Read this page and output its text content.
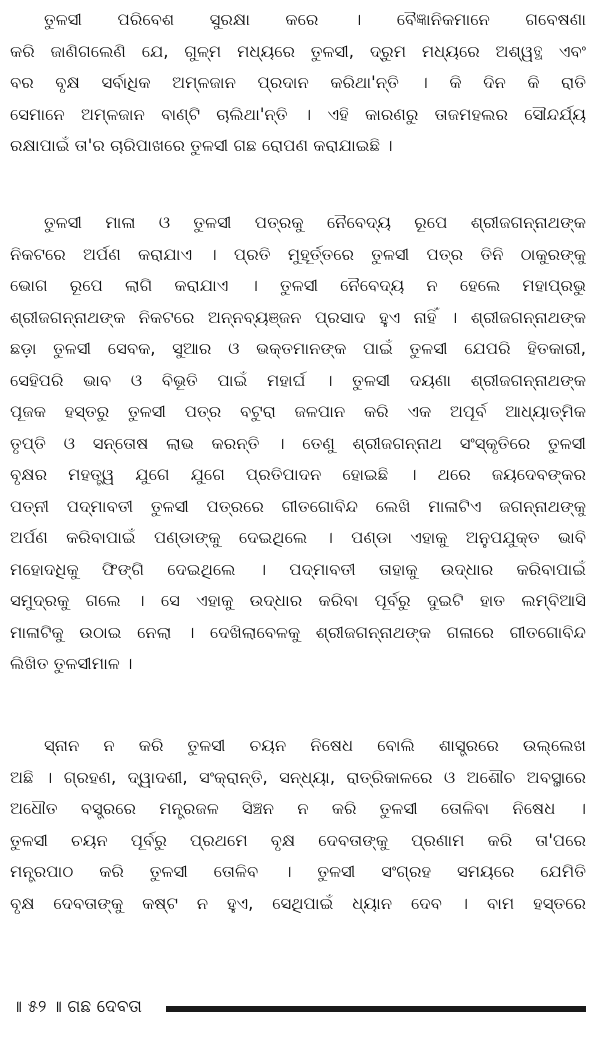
ତୁଳସୀ ପରିବେଶ ସୁରକ୍ଷା କରେ । ବୈଜ୍ଞାନିକମାନେ ଗବେଷଣା
କରି ଜାଣିଗଲେଣି ଯେ, ଗୁଳ୍ମ ମଧ୍ୟରେ ତୁଳସୀ, ଦ୍ରୁମ ମଧ୍ୟରେ ଅଶ୍ୱତ୍ଥ ଏବଂ
ବର ବୃକ୍ଷ ସର୍ବାଧିକ ଅମ୍ଳଜାନ ପ୍ରଦାନ କରିଥା'ନ୍ତି । କି ଦିନ କି ରାତି
ସେମାନେ ଅମ୍ଳଜାନ ବାଣ୍ଟି ଚାଲିଥା'ନ୍ତି । ଏହି କାରଣରୁ ତାଜମହଲର ସୌନ୍ଦର୍ଯ୍ୟ
ରକ୍ଷାପାଇଁ ତା'ର ଚାରିପାଖରେ ତୁଳସୀ ଗଛ ରୋପଣ କରାଯାଇଛି ।
ତୁଳସୀ ମାଳା ଓ ତୁଳସୀ ପତ୍ରକୁ ନୈବେଦ୍ୟ ରୂପେ ଶ୍ରୀଜଗନ୍ନାଥଙ୍କ
ନିକଟରେ ଅର୍ପଣ କରାଯାଏ । ପ୍ରତି ମୁହୂର୍ତ୍ତରେ ତୁଳସୀ ପତ୍ର ତିନି ଠାକୁରଙ୍କୁ
ଭୋଗ ରୂପେ ଲାଗି କରାଯାଏ । ତୁଳସୀ ନୈବେଦ୍ୟ ନ ହେଲେ ମହାପ୍ରଭୁ
ଶ୍ରୀଜଗନ୍ନାଥଙ୍କ ନିକଟରେ ଅନ୍ନବ୍ୟଞ୍ଜନ ପ୍ରସାଦ ହୁଏ ନାହିଁ । ଶ୍ରୀଜଗନ୍ନାଥଙ୍କ
ଛଡ଼ା ତୁଳସୀ ସେବକ, ସୁଆର ଓ ଭକ୍ତମାନଙ୍କ ପାଇଁ ତୁଳସୀ ଯେପରି ହିତକାରୀ,
ସେହିପରି ଭାବ ଓ ବିଭୂତି ପାଇଁ ମହାର୍ଘ । ତୁଳସୀ ଦୟଣା ଶ୍ରୀଜଗନ୍ନାଥଙ୍କ
ପୂଜକ ହସ୍ତରୁ ତୁଳସୀ ପତ୍ର ବଟୁରା ଜଳପାନ କରି ଏକ ଅପୂର୍ବ ଆଧ୍ୟାତ୍ମିକ
ତୃପ୍ତି ଓ ସନ୍ତୋଷ ଲାଭ କରନ୍ତି । ତେଣୁ ଶ୍ରୀଜଗନ୍ନାଥ ସଂସ୍କୃତିରେ ତୁଳସୀ
ବୃକ୍ଷର ମହତ୍ତ୍ୱ ଯୁଗେ ଯୁଗେ ପ୍ରତିପାଦନ ହୋଇଛି । ଥରେ ଜୟଦେବଙ୍କର
ପତ୍ନୀ ପଦ୍ମାବତୀ ତୁଳସୀ ପତ୍ରରେ ଗୀତଗୋବିନ୍ଦ ଲେଖି ମାଳାଟିଏ ଜଗନ୍ନାଥଙ୍କୁ
ଅର୍ପଣ କରିବାପାଇଁ ପଣ୍ଡାଙ୍କୁ ଦେଇଥିଲେ । ପଣ୍ଡା ଏହାକୁ ଅନୁପଯୁକ୍ତ ଭାବି
ମହୋଦଧିକୁ ଫିଙ୍ଗି ଦେଇଥିଲେ । ପଦ୍ମାବତୀ ତାହାକୁ ଉଦ୍ଧାର କରିବାପାଇଁ
ସମୁଦ୍ରକୁ ଗଲେ । ସେ ଏହାକୁ ଉଦ୍ଧାର କରିବା ପୂର୍ବରୁ ଦୁଇଟି ହାତ ଲମ୍ବିଆସି
ମାଳାଟିକୁ ଉଠାଇ ନେଲା । ଦେଖିଲାବେଳକୁ ଶ୍ରୀଜଗନ୍ନାଥଙ୍କ ଗଳାରେ ଗୀତଗୋବିନ୍ଦ
ଲିଖିତ ତୁଳସୀମାଳ ।
ସ୍ନାନ ନ କରି ତୁଳସୀ ଚୟନ ନିଷେଧ ବୋଲି ଶାସ୍ତ୍ରରେ ଉଲ୍ଲେଖ
ଅଛି । ଗ୍ରହଣ, ଦ୍ୱାଦଶୀ, ସଂକ୍ରାନ୍ତି, ସନ୍ଧ୍ୟା, ରାତ୍ରିକାଳରେ ଓ ଅଶୌଚ ଅବସ୍ଥାରେ
ଅଧୌତ ବସ୍ତ୍ରରେ ମନ୍ତ୍ରଜଳ ସିଞ୍ଚନ ନ କରି ତୁଳସୀ ତୋଳିବା ନିଷେଧ ।
ତୁଳସୀ ଚୟନ ପୂର୍ବରୁ ପ୍ରଥମେ ବୃକ୍ଷ ଦେବତାଙ୍କୁ ପ୍ରଣାମ କରି ତା'ପରେ
ମନ୍ତ୍ରପାଠ କରି ତୁଳସୀ ତୋଳିବ । ତୁଳସୀ ସଂଗ୍ରହ ସମୟରେ ଯେମିତି
ବୃକ୍ଷ ଦେବତାଙ୍କୁ କଷ୍ଟ ନ ହୁଏ, ସେଥିପାଇଁ ଧ୍ୟାନ ଦେବ । ବାମ ହସ୍ତରେ
॥ ୫୨ ॥ ଗଛ ଦେବତା
